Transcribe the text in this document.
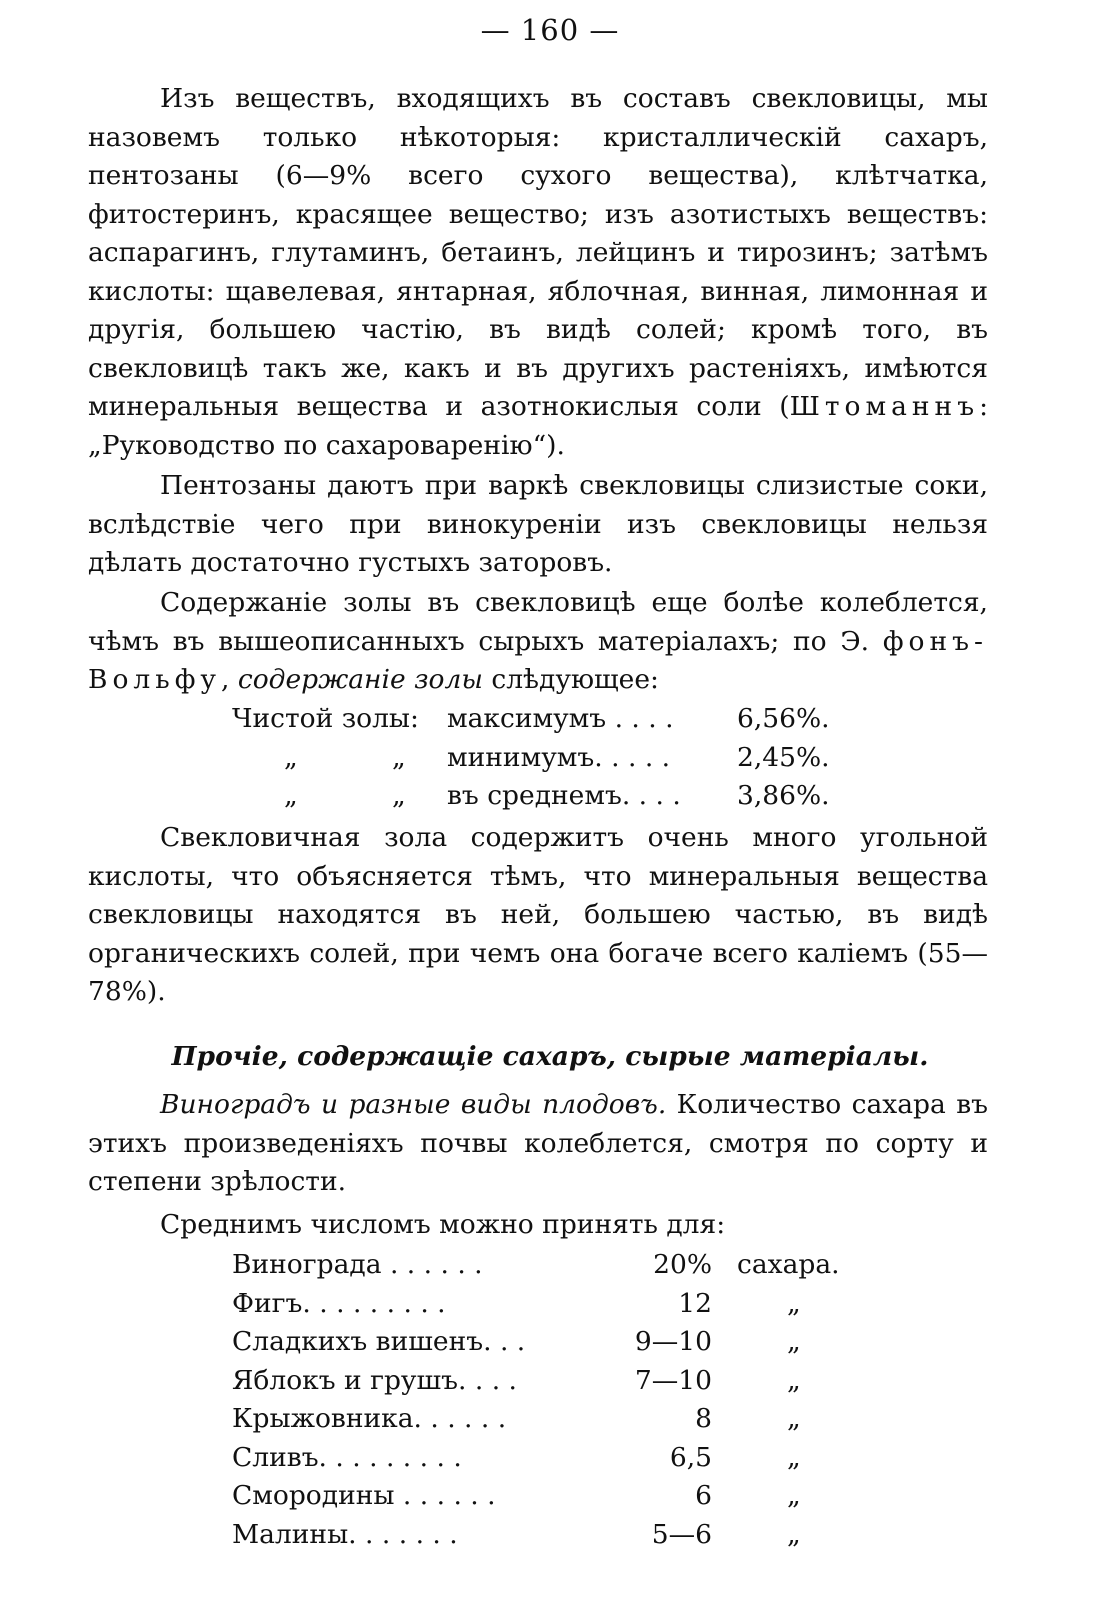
— 160 —

Изъ веществъ, входящихъ въ составъ свекловицы, мы назовемъ только нѣкоторыя: кристаллическій сахаръ, пентозаны (6—9% всего сухого вещества), клѣтчатка, фитостеринъ, красящее вещество; изъ азотистыхъ веществъ: аспарагинъ, глутаминъ, бетаинъ, лейцинъ и тирозинъ; затѣмъ кислоты: щавелевая, янтарная, яблочная, винная, лимонная и другія, большею частію, въ видѣ солей; кромѣ того, въ свекловицѣ такъ же, какъ и въ другихъ растеніяхъ, имѣются минеральныя вещества и азотнокислыя соли (Штоманнъ: „Руководство по сахароваренію“).

Пентозаны даютъ при варкѣ свекловицы слизистые соки, вслѣдствіе чего при винокуреніи изъ свекловицы нельзя дѣлать достаточно густыхъ заторовъ.

Содержаніе золы въ свекловицѣ еще болѣе колеблется, чѣмъ въ вышеописанныхъ сырыхъ матеріалахъ; по Э. фонъ-Вольфу, содержаніе золы слѣдующее:

Чистой золы: максимумъ . . . . 6,56%.
„	„ минимумъ. . . . .	2,45%.
„	„ въ среднемъ. . . . 3,86%.

Свекловичная зола содержитъ очень много угольной кислоты, что объясняется тѣмъ, что минеральныя вещества свекловицы находятся въ ней, большею частью, въ видѣ органическихъ солей, при чемъ она богаче всего каліемъ (55—78%).

Прочіе, содержащіе сахаръ, сырые матеріалы.

Виноградъ и разные виды плодовъ. Количество сахара въ этихъ произведеніяхъ почвы колеблется, смотря по сорту и степени зрѣлости.

Среднимъ числомъ можно принять для:
Винограда . . . . . .	20% сахара.
Фигъ. . . . . . . . .	12	„
Сладкихъ вишенъ. . .	9—10	„
Яблокъ и грушъ. . . .	7—10	„
Крыжовника. . . . . .	8	„
Сливъ. . . . . . . . .	6,5	„
Смородины . . . . . .	6	„
Малины. . . . . . .	5—6	„
